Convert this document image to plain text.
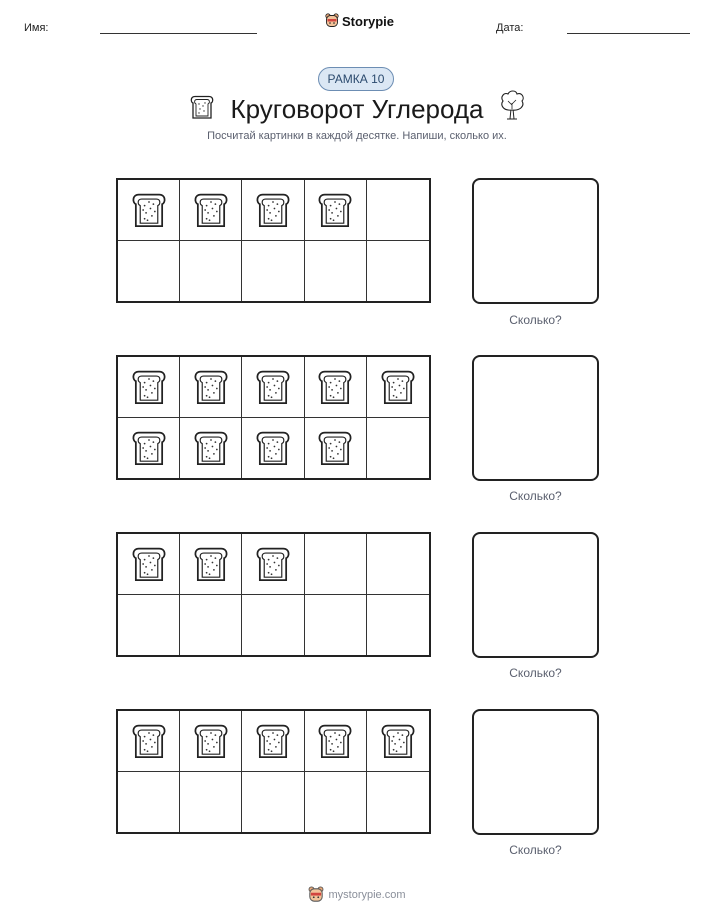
Имя:	Storypie	Дата:
РАМКА 10
Круговорот Углерода
Посчитай картинки в каждой десятке. Напиши, сколько их.
Сколько?
Сколько?
Сколько?
Сколько?
mystorypie.com
